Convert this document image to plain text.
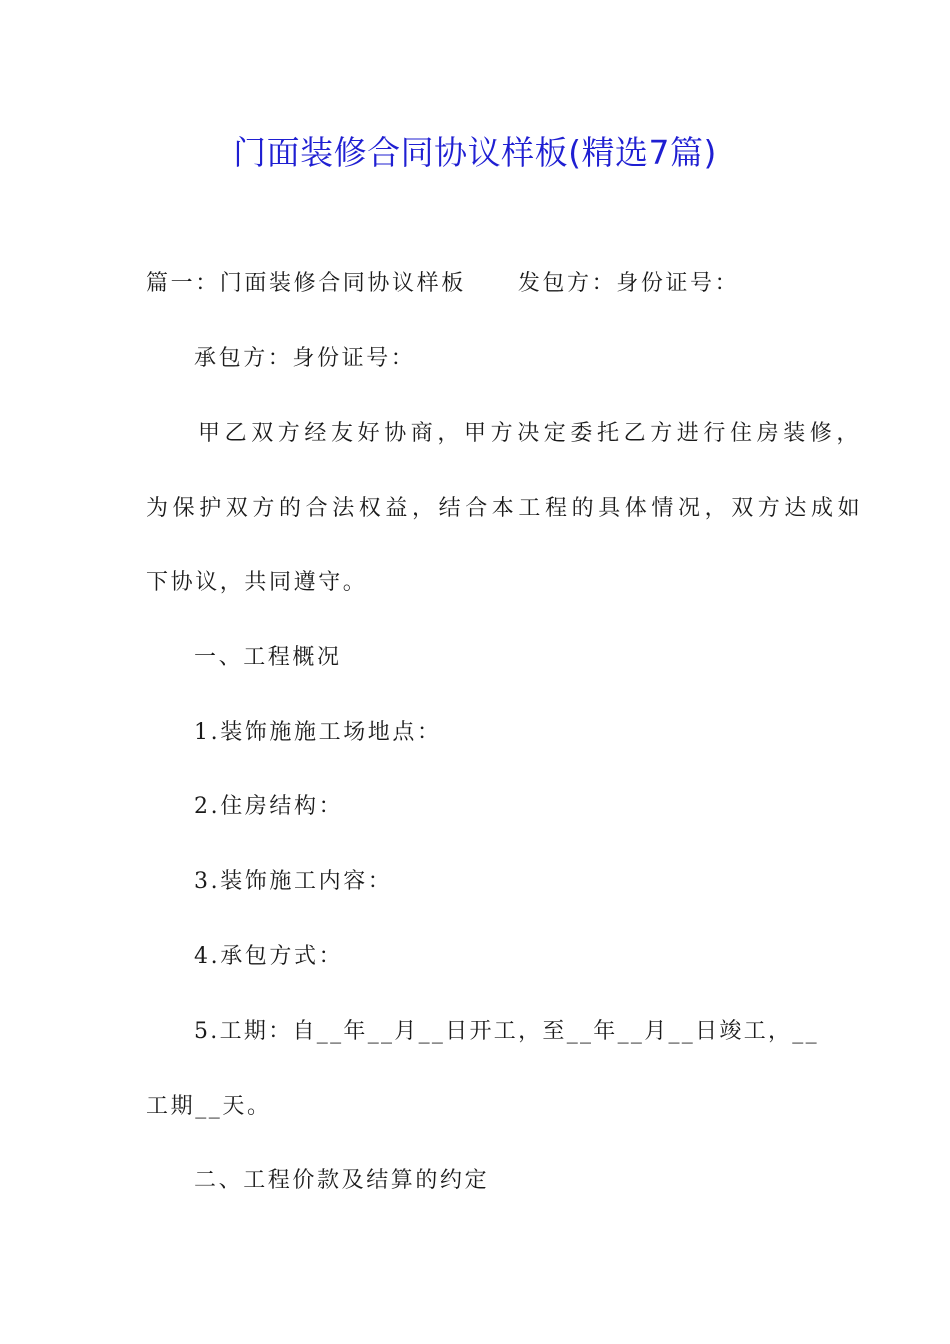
门面装修合同协议样板(精选7篇)
篇一：门面装修合同协议样板 发包方：身份证号：
承包方：身份证号：
甲乙双方经友好协商，甲方决定委托乙方进行住房装修，
为保护双方的合法权益，结合本工程的具体情况，双方达成如
下协议，共同遵守。
一、工程概况
1.装饰施施工场地点：
2.住房结构：
3.装饰施工内容：
4.承包方式：
5.工期：自__年__月__日开工，至__年__月__日竣工，__
工期__天。
二、工程价款及结算的约定
